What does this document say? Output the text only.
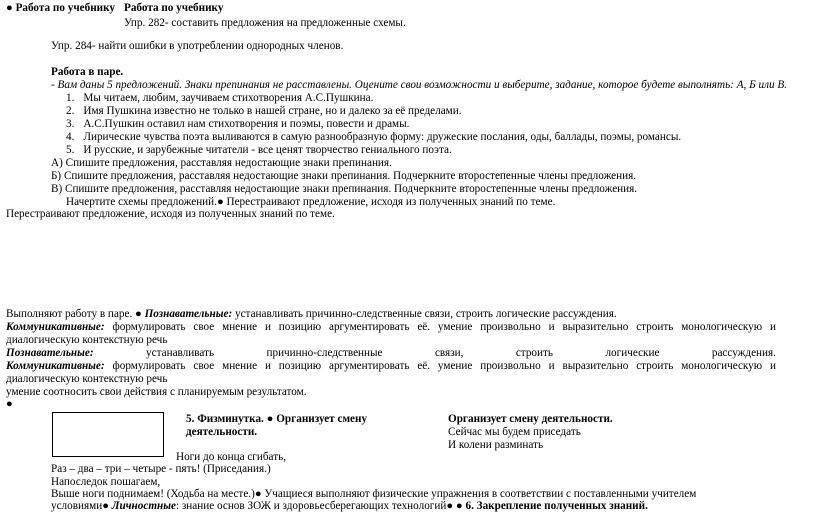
● Работа по учебнику Работа по учебнику
Упр. 282- составить предложения на предложенные схемы.
Упр. 284- найти ошибки в употреблении однородных членов.
Работа в паре.
- Вам даны 5 предложений. Знаки препинания не расставлены. Оцените свои возможности и выберите, задание, которое будете выполнять: А, Б или В.
1. Мы читаем, любим, заучиваем стихотворения А.С.Пушкина.
2. Имя Пушкина известно не только в нашей стране, но и далеко за её пределами.
3. А.С.Пушкин оставил нам стихотворения и поэмы, повести и драмы.
4. Лирические чувства поэта выливаются в самую разнообразную форму: дружеские послания, оды, баллады, поэмы, романсы.
5. И русские, и зарубежные читатели - все ценят творчество гениального поэта.
А) Спишите предложения, расставляя недостающие знаки препинания.
Б) Спишите предложения, расставляя недостающие знаки препинания. Подчеркните второстепенные члены предложения.
В) Спишите предложения, расставляя недостающие знаки препинания. Подчеркните второстепенные члены предложения.
Начертите схемы предложений.● Перестраивают предложение, исходя из полученных знаний по теме.
Перестраивают предложение, исходя из полученных знаний по теме.
Выполняют работу в паре. ● Познавательные: устанавливать причинно-следственные связи, строить логические рассуждения.
Коммуникативные: формулировать свое мнение и позицию аргументировать её. умение произвольно и выразительно строить монологическую и
диалогическую контекстную речь
Познавательные:	устанавливать	причинно-следственные	связи,	строить	логические	рассуждения.
Коммуникативные: формулировать свое мнение и позицию аргументировать её. умение произвольно и выразительно строить монологическую и
диалогическую контекстную речь
умение соотносить свои действия с планируемым результатом.
●
5. Физминутка. ● Организует смену
деятельности.
Организует смену деятельности.
Сейчас мы будем приседать
И колени разминать
Ноги до конца сгибать,
Раз – два – три – четыре - пять! (Приседания.)
Напоследок пошагаем,
Выше ноги поднимаем! (Ходьба на месте.)● Учащиеся выполняют физические упражнения в соответствии с поставленными учителем
условиями● Личностные: знание основ ЗОЖ и здоровьесберегающих технологий● ● 6. Закрепление полученных знаний.
